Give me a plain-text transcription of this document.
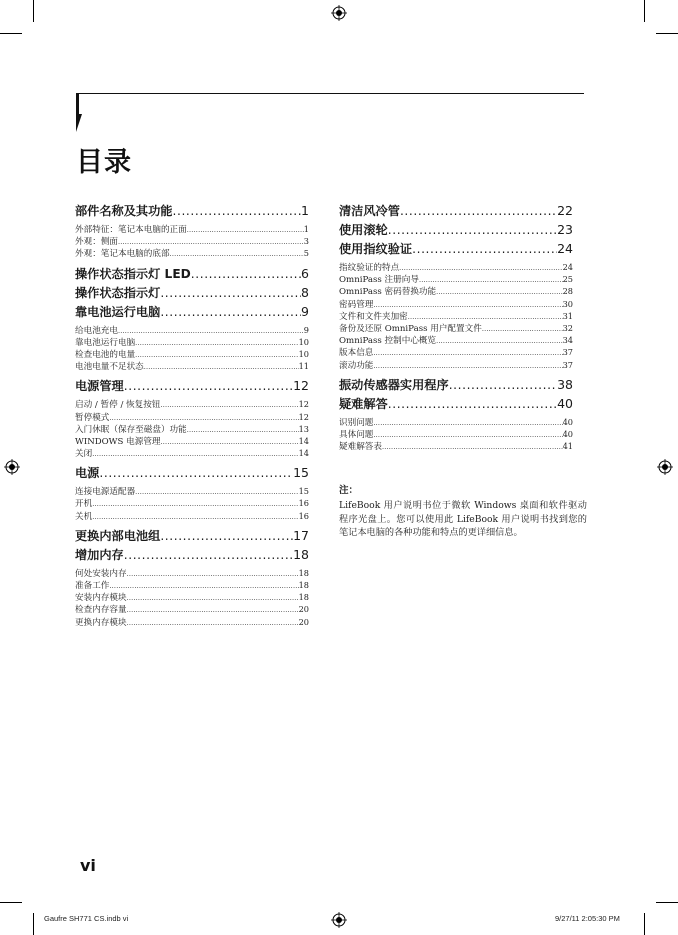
目录
部件名称及其功能 .....	1
外部特征：笔记本电脑的正面 .....	1
外观：侧面 .....	3
外观：笔记本电脑的底部 .....	5
操作状态指示灯 LED .....	6
操作状态指示灯 .....	8
靠电池运行电脑 .....	9
给电池充电 .....	9
靠电池运行电脑 .....	10
检查电池的电量 .....	10
电池电量不足状态 .....	11
电源管理 .....	12
启动 / 暂停 / 恢复按钮 .....	12
暂停模式 .....	12
入门休眠（保存至磁盘）功能 .....	13
WINDOWS 电源管理 .....	14
关闭 .....	14
电源 .....	15
连接电源适配器 .....	15
开机 .....	16
关机 .....	16
更换内部电池组 .....	17
增加内存 .....	18
何处安装内存 .....	18
准备工作 .....	18
安装内存模块 .....	18
检查内存容量 .....	20
更换内存模块 .....	20
清洁风冷管 .....	22
使用滚轮 .....	23
使用指纹验证 .....	24
指纹验证的特点 .....	24
OmniPass 注册向导 .....	25
OmniPass 密码替换功能 .....	28
密码管理 .....	30
文件和文件夹加密 .....	31
备份及还原 OmniPass 用户配置文件 .....	32
OmniPass 控制中心概览 .....	34
版本信息 .....	37
滚动功能 .....	37
振动传感器实用程序 .....	38
疑难解答 .....	40
识别问题 .....	40
具体问题 .....	40
疑难解答表 .....	41
注：
LifeBook 用户说明书位于微软 Windows 桌面和软件驱动程序光盘上。您可以使用此 LifeBook 用户说明书找到您的笔记本电脑的各种功能和特点的更详细信息。
vi
Gaufre SH771 CS.indb vi	9/27/11 2:05:30 PM
